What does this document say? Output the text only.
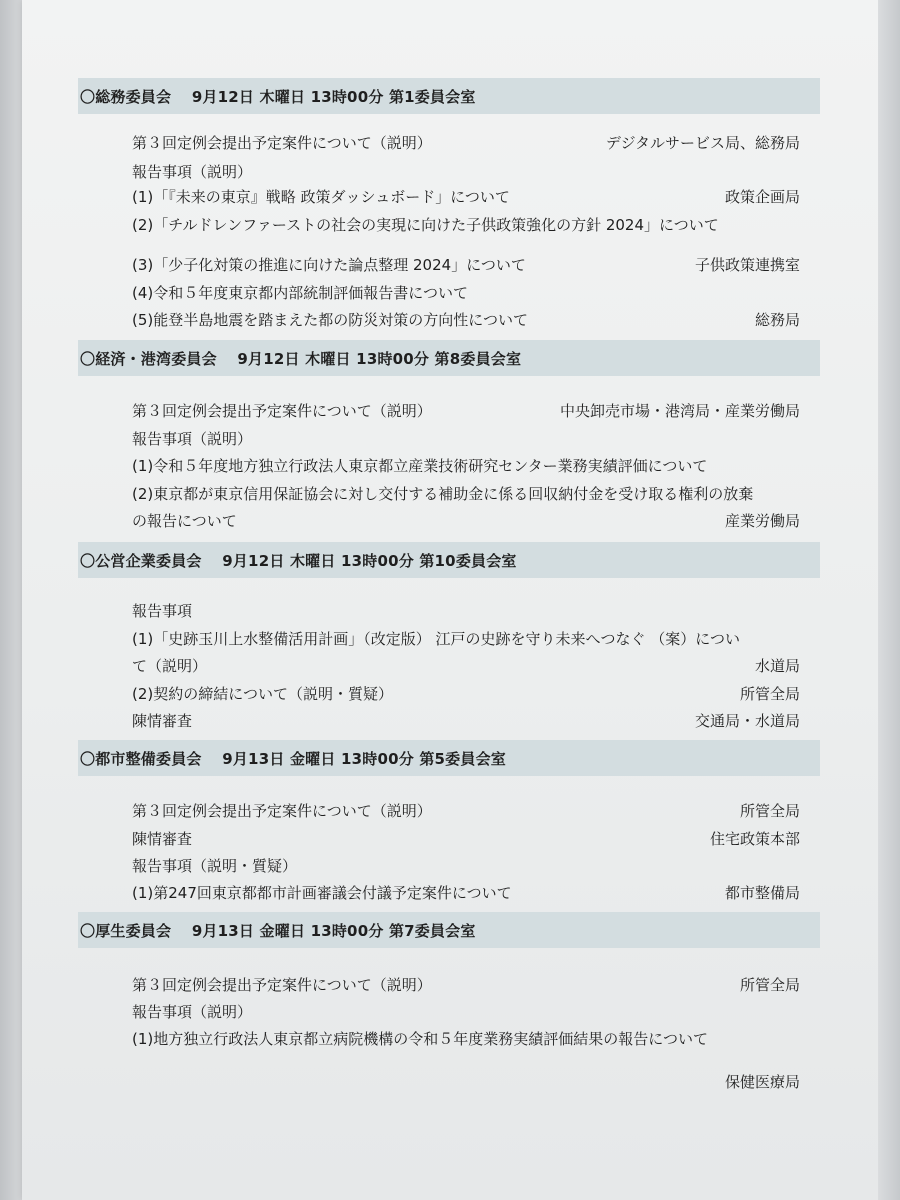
〇総務委員会　 9月12日 木曜日 13時00分 第1委員会室
第３回定例会提出予定案件について（説明）	デジタルサービス局、総務局
報告事項（説明）
(1)「『未来の東京』戦略 政策ダッシュボード」について	政策企画局
(2)「チルドレンファーストの社会の実現に向けた子供政策強化の方針 2024」について
(3)「少子化対策の推進に向けた論点整理 2024」について	子供政策連携室
(4)令和５年度東京都内部統制評価報告書について
(5)能登半島地震を踏まえた都の防災対策の方向性について	総務局
〇経済・港湾委員会　 9月12日 木曜日 13時00分 第8委員会室
第３回定例会提出予定案件について（説明）	中央卸売市場・港湾局・産業労働局
報告事項（説明）
(1)令和５年度地方独立行政法人東京都立産業技術研究センター業務実績評価について
(2)東京都が東京信用保証協会に対し交付する補助金に係る回収納付金を受け取る権利の放棄
の報告について	産業労働局
〇公営企業委員会　 9月12日 木曜日 13時00分 第10委員会室
報告事項
(1)「史跡玉川上水整備活用計画」（改定版） 江戸の史跡を守り未来へつなぐ （案）につい
て（説明）	水道局
(2)契約の締結について（説明・質疑）	所管全局
陳情審査	交通局・水道局
〇都市整備委員会　 9月13日 金曜日 13時00分 第5委員会室
第３回定例会提出予定案件について（説明）	所管全局
陳情審査	住宅政策本部
報告事項（説明・質疑）
(1)第247回東京都都市計画審議会付議予定案件について	都市整備局
〇厚生委員会　 9月13日 金曜日 13時00分 第7委員会室
第３回定例会提出予定案件について（説明）	所管全局
報告事項（説明）
(1)地方独立行政法人東京都立病院機構の令和５年度業務実績評価結果の報告について
保健医療局
